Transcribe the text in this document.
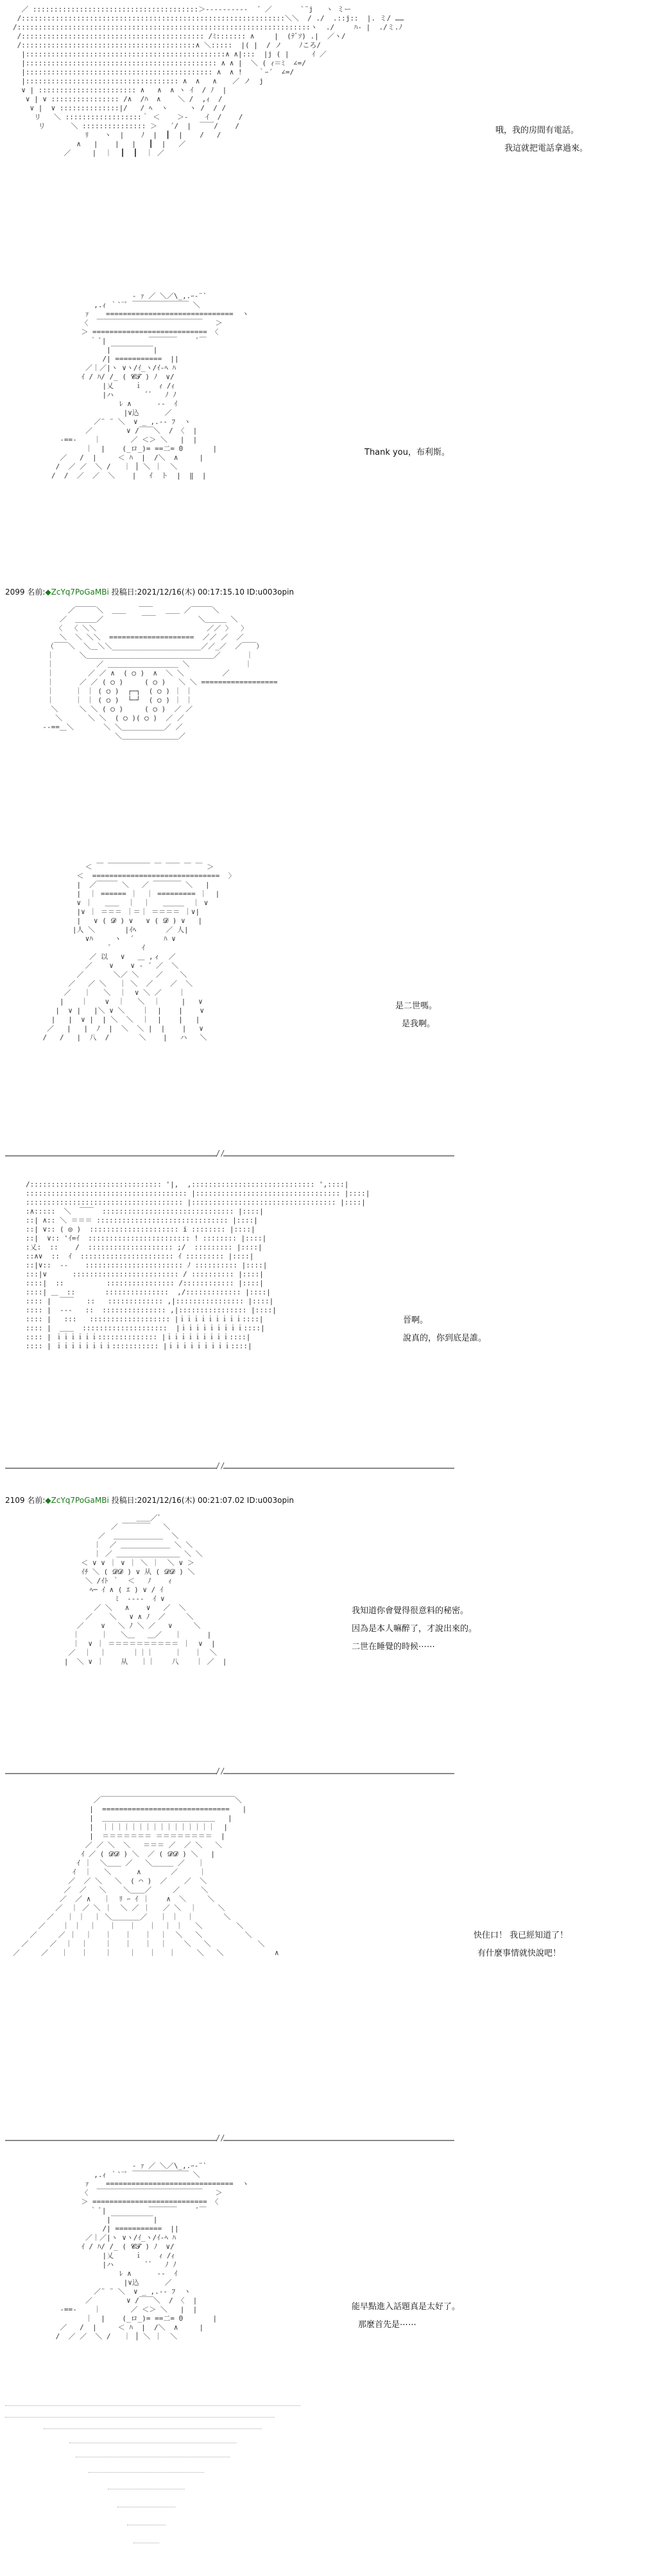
／ :::::::::::::::::::::::::::::::::::::::＞---------‐  ´ ／   　  `¨j   ヽ ミー
/::::::::::::::::::::::::::::::::::::::::::::::::::::::::::::::＼＼  / ./  .::j::  |. ミ/ ……
/:::::::::::::::::::::::::::::::::::::::::::::::::::::::::::::::::::::ヽ  ./  　 ﾊ- |  ./ミ.ﾉ
/::::::::::::::::::::::::::::::::::::::::::: /ﾐ::::::: ∧ 　  |  (ﾃﾞｿ) .|  ／ヽ/
/:::::::::::::::::::::::::::::::::::::::::∧ ＼:::::  |( |  / ノ    ﾉころ/
|:::::::::::::::::::::::::::::::::::::::::::::::∧ ∧|:::  |j ( | 　　 ｲ ／
|::::::::::::::::::::::::::::::::::::::::::::: ∧ ∧ |  ＼ ( ｨ＝ﾐ  ∠=/
|:::::::::::::::::::::::::::::::::::::::::::: ∧  ∧ ! 　 ｀ｰ´  ∠=/
|:::::::::::::::::::::::::::::::::::: ∧  ∧   ∧ 　 ／ ノ  j
∨ | ::::::::::::::::::::::: ∧   ∧  ∧ ヽ ｲ  / ﾉ  |
∨ | ∨ :::::::::::::::: /∧  /ﾊ  ∧    ＼ /  ,ｨ  /
∨ |  ∨ ::::::::::::::|/   / ﾍ  ヽ     ヽ /  / /
リ   ＼ ::::::::::::::::::｀ ＜    ＞-    ｲ  /    /
リ      ＼ ::::::::::::::: ＞   ´/  |  ￣￣/    /
ﾘ 　 ヽ  |    ﾉ  |  ┃  |    /   /
∧   |    |   |   ┃  |   ／
／     |  ｜  ┃  ┃  ｜ ／
哦，我的房間有電話。
我這就把電話拿過來。
‐ ｧ ／ ＼／\_,.ｰ‐¨`
,.ｨ ｀`¨ﾞ ￣￣￣￣￣￣￣￣ ＼
ｧ    ==============================  ヽ
〈  ￣￣￣￣￣￣￣￣￣￣￣￣￣￣￣   ＞
＞ =========================== 〈
｀ ﾞ|          ￣￣￣￣     ﾞ￣
|￣￣￣￣￣￣|
/| ===========  ||
／｜／|ヽ ∨ヽ/ｲ_ヽ/ｲ‐ﾍ ﾊ
ｲ / ﾊ/ /_ ( 𝓒𝓣 ) ﾉ  ∨/
|乂     ｉ    ｨ /ｨ
|ハ        ﾞﾞ   ﾉ ﾉ
ﾚ ∧      -‐  ｲ
|∨込      ／
／¨ ¨ ＼  ∨ _ ,.-‐ ﾌ  ヽ
／        ∨ /￣￣＼  / 〈  |
-==-    ｜       ／ ＜＞ ＼   |  |
｜  |    (_ロ_)= ==二= 0       |
／   /  |     ＜ ﾊ  |  /＼  ∧     |
/  ／ ／  ＼ /   ｜ │ ＼ ｜  ＼
/  /  ／  ／  ＼    |   ｲ  ト  |  ‖  |
Thank you，布利斯。
2099 名前:◆ZcYq7PoGaMBi 投稿日:2021/12/16(木) 00:17:15.10 ID:u003opin
／￣￣￣＼  ＿＿   ￣￣   ＿＿ ／￣￣￣＼
／  ＿＿＿／         ￣￣          ＼＿＿＿ ＼
〈  〈 ＼＼                          ／／ 〉  〉
＼  ＼ ＼＼  ====================  ／／ ／  ／
（￣￣＼  ＼＿＼＼_____________________／／_／  ／￣￣）
｜      ＼＿＿＿＿＿＿＿＿＿＿＿＿＿＿＿＿＿＿／      ｜
｜          ／ ＿＿＿＿＿＿＿＿＿＿ ＼             ｜
｜        ／ ／ ∧  ( ○ )  ∧  ＼ ＼         ／
｜      ／ ／ ( ○ )     ( ○ )   ＼ ＼ ==================
｜     ｜ ｜ ( ○ )  ┌─┐  ( ○ ) ｜ ｜
｜     ｜ ｜ ( ○ )  └─┘  ( ○ ) ｜ ｜
＼     ＼ ＼ ( ○ )     ( ○ )  ／ ／
＼      ＼ ＼  ( ○ )( ○ )  ／ ／
--==＿＼       ＼ ＼＿＿＿＿＿＿／ ／
＼＿＿＿＿＿＿＿＿／
＜ ￣ ￣￣￣￣￣￣ ￣ ￣￣ ￣ ￣ ＞
＜  ==============================  〉
|  ／￣￣￣ ＼   ／ ￣￣￣￣ ＼   |
|  ｜ ====== ｜  ｜ ========= ｜  |
∨ ｜   ＿＿  ｜  ｜   ＿＿＿  ｜ ∨
|∨ ｜ ＝＝＝ ｜＝｜ ＝＝＝＝ ｜∨|
|   ∨ ( 𝓓 ) ∨   ∨ ( 𝓓 ) ∨   |
|人 ＼       |ｲﾍ       ／ 人|
∨ﾊ     ヽ  ´       ﾊ ∨
ﾟ       ｲ
／ 以   ∨   ＿ ,ィ  ／
／    ∨    ∨ ‐ ´ ／  ＼
／       ＼／ ＼    ／    ＼
／   ／ ＼   ｜ ＼  ／    ／  ＼
／   ｜   ＼  ｜  ∨ ＼ ／    ｜
|    ｜    ∨  ｜   ＼  ｜     |   ∨
|  ∨ |   |＼ ∨ ＼    ｜  |    |    ∨
|   |  ∨ |  | ＼  ＼  ｜  |    |   |
／   |   |  ﾉ  |  ＼  ＼ |  |    |   ∨
/   /   |  八  /       ＼    |   ハ   ＼
是二世嗎。
是我啊。
//
/::::::::::::::::::::::::::::::: '|,  ,::::::::::::::::::::::::::::: ',::::|
:::::::::::::::::::::::::::::::::::::: |:::::::::::::::::::::::::::::::::: |::::|
::::::::::::::::::::::::::::::::::::: |:::::::::::::::::::::::::::::::::: |::::|
:∧:::::  ＼  ￣￣  ::::::::::::::::::::::::::::::: |::::|
::| ∧:: ＼ ＝＝＝ ::::::::::::::::::::::::::::::: |::::|
::| ∨:: ( ◎ )  ::::::::::::::::::::: i :::::::: |::::|
::|  ∨:: 'ｲ=ｲ  :::::::::::::::::::::::: ! :::::::: |::::|
:乂:  ::    /  :::::::::::::::::::: ;/  ::::::::: |::::|
::∧∨  ::  ｲ  :::::::::::::::::::::: ｲ ::::::::: |::::|
::|∨::  ‐-    ::::::::::::::::::::::: ﾉ :::::::::: |::::|
:::|∨      ::::::::::::::::::::::::: / :::::::::: |::::|
::::|  ::          :::::::::::::::: /:::::::::::: |::::|
::::| ＿  ::       :::::::::::::::  ,/::::::::::::: |::::|
:::: |  ￣￣   ::   ::::::::::::: ,|:::::::::::::::: |::::|
:::: |  ‐‐‐   ::  ::::::::::::::: ,|:::::::::::::::: |::::|
:::: |   :::   ::::::::::::::::::: |ｉｉｉｉｉｉｉｉｉ::::|
:::: |  ＿＿  ::::::::::::::::::::  |ｉｉｉｉｉｉｉｉｉ::::|
:::: | ｉｉｉｉｉｉ:::::::::::::: |ｉｉｉｉｉｉｉｉｉ::::|
:::: | ｉｉｉｉｉｉｉｉ::::::::::: |ｉｉｉｉｉｉｉｉｉ::::|
晉啊。
說真的，你到底是誰。
//
2109 名前:◆ZcYq7PoGaMBi 投稿日:2021/12/16(木) 00:21:07.02 ID:u003opin
＿＿／ﾞ
／ ￣￣￣￣   ＼
／  ＿＿＿＿＿＿＿  ＼
｜  ／ ＿＿＿＿＿＿＿ ＼ ＼
｜ ／ ＿＿＿＿＿＿＿＿＿ ＼ ＼
＜ ∨ ∨ ｜ ∨ ｜ ＼ ｜  ＼ ∨ ＞
ｲﾁ ＼ ( 𝓓𝓓 ) ∨ 从 ( 𝓓𝓓 ) ＼
＼ /ｲﾄ ｀  ＜   ﾉ    ｨ
ﾍ─ ｲ ∧ ( ｴ ) ∨ / ｲ
ﾐ  ‐‐‐‐  ｲ ∨
／ ＼   ∧    ∨   ／  ＼
／    ＼   ∨ ∧ ﾉ  ／     ＼
／    ∨   ＼ ﾉ ＼ ／   ∨     ＼
｜     ｜   ＼＿   ＿／   ｜      |
｜  ∨ ｜ ＝＝＝＝＝＝＝＝＝＝ ｜  ∨  |
／  ｜  ｜      ｜｜｜     ｜   ｜  ＼
|  ＼ ∨ ｜    从   ｜｜    八    ｜ ／  |
我知道你會覺得很意料的秘密。
因為是本人嘛醉了，才說出來的。
二世在睡覺的時候⋯⋯
//
／￣￣￣￣￣￣￣￣￣￣￣￣￣￣￣￣￣￣￣＼
|  ==============================   |
|  ＿＿＿＿＿＿＿＿＿＿＿＿＿＿＿＿   |
|  ｜｜｜｜｜｜｜｜｜｜｜｜｜｜｜｜  |
|  ＝＝＝＝＝＝＝ ＝＝＝＝＝＝＝＝  |
／ ／ ＼  ＼   ＝＝＝ ／  ／ ＼   ＼
ｲ ／ ( 𝓓𝓓 ) ＼  ／ ( 𝓓𝓓 ) ＼   |
ｲ ｜  ＼＿＿ ／   ＼＿＿＿ ／   ｜
ｲ  ｜   ＼      ∧       ／     ｜
／  ／ ＼   ＼  ( ⌒ )  ／    ／  ＼
／  ／   ＼    ＼＿＿／     ／     ＼
／  ／ ∧   ｜  ﾘ ｰ ｲ ｜    ∧  ＼     ＼
／  ｜ ／ ＼ ｜  ＼ ／ ｜   ／ ＼  ｜     ＼
／   ｜ ｜  ｜ ＼＿＿＿＿／   ｜ ｜  ｜       ＼
／    ｜ ｜  ｜   ｜   ｜   ｜  ｜ ｜   ＼        ＼
／     ／ ｜  ｜   ｜   ｜   ｜  ｜  ＼   ＼          ＼
／     ／  ｜  ｜    ｜   ｜   ｜  ｜    ＼   ＼           ＼
／     ／   ｜   ｜    ｜    ｜   ｜   ｜     ＼   ＼            ∧
快住口！ 我已經知道了！
有什麼事情就快說吧！
//
‐ ｧ ／ ＼／\_,.ｰ‐¨`
,.ｨ ｀`¨ﾞ ￣￣￣￣￣￣￣￣ ＼
ｧ    ==============================  ヽ
〈  ￣￣￣￣￣￣￣￣￣￣￣￣￣￣￣   ＞
＞ =========================== 〈
｀ ﾞ|          ￣￣￣￣     ﾞ￣
|￣￣￣￣￣￣|
/| ===========  ||
／｜／|ヽ ∨ヽ/ｲ_ヽ/ｲ‐ﾍ ﾊ
ｲ / ﾊ/ /_ ( 𝓒𝓣 ) ﾉ  ∨/
|乂     ｉ    ｨ /ｨ
|ハ        ﾞﾞ   ﾉ ﾉ
ﾚ ∧      -‐  ｲ
|∨込      ／
／¨ ¨ ＼  ∨ _ ,.-‐ ﾌ  ヽ
／        ∨ /￣￣＼  / 〈  |
-==-    ｜       ／ ＜＞ ＼   |  |
｜  |    (_ロ_)= ==二= 0       |
／   /  |     ＜ ﾊ  |  /＼  ∧     |
/  ／ ／  ＼ /   ｜ │ ＼ ｜  ＼
能早點進入話題真是太好了。
那麼首先是⋯⋯
